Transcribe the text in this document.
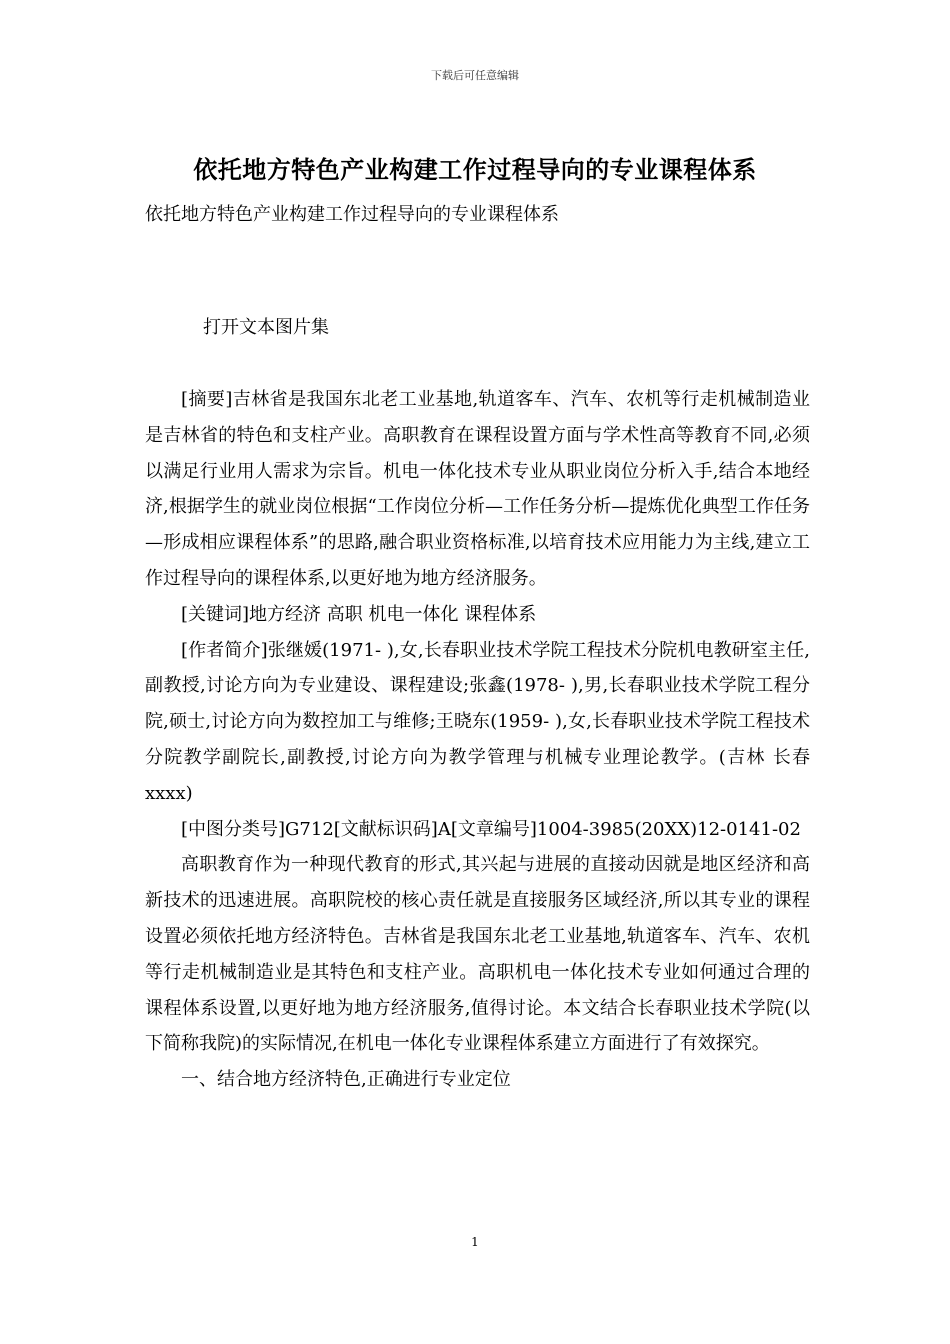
下载后可任意编辑
依托地方特色产业构建工作过程导向的专业课程体系
依托地方特色产业构建工作过程导向的专业课程体系
打开文本图片集

[摘要]吉林省是我国东北老工业基地,轨道客车、汽车、农机等行走机械制造业是吉林省的特色和支柱产业。高职教育在课程设置方面与学术性高等教育不同,必须以满足行业用人需求为宗旨。机电一体化技术专业从职业岗位分析入手,结合本地经济,根据学生的就业岗位根据“工作岗位分析—工作任务分析—提炼优化典型工作任务—形成相应课程体系”的思路,融合职业资格标准,以培育技术应用能力为主线,建立工作过程导向的课程体系,以更好地为地方经济服务。

[关键词]地方经济 高职 机电一体化 课程体系

[作者简介]张继媛(1971- ),女,长春职业技术学院工程技术分院机电教研室主任,副教授,讨论方向为专业建设、课程建设;张鑫(1978- ),男,长春职业技术学院工程分院,硕士,讨论方向为数控加工与维修;王晓东(1959- ),女,长春职业技术学院工程技术分院教学副院长,副教授,讨论方向为教学管理与机械专业理论教学。(吉林 长春 xxxx)

[中图分类号]G712[文献标识码]A[文章编号]1004-3985(20XX)12-0141-02

高职教育作为一种现代教育的形式,其兴起与进展的直接动因就是地区经济和高新技术的迅速进展。高职院校的核心责任就是直接服务区域经济,所以其专业的课程设置必须依托地方经济特色。吉林省是我国东北老工业基地,轨道客车、汽车、农机等行走机械制造业是其特色和支柱产业。高职机电一体化技术专业如何通过合理的课程体系设置,以更好地为地方经济服务,值得讨论。本文结合长春职业技术学院(以下简称我院)的实际情况,在机电一体化专业课程体系建立方面进行了有效探究。

一、结合地方经济特色,正确进行专业定位

1
